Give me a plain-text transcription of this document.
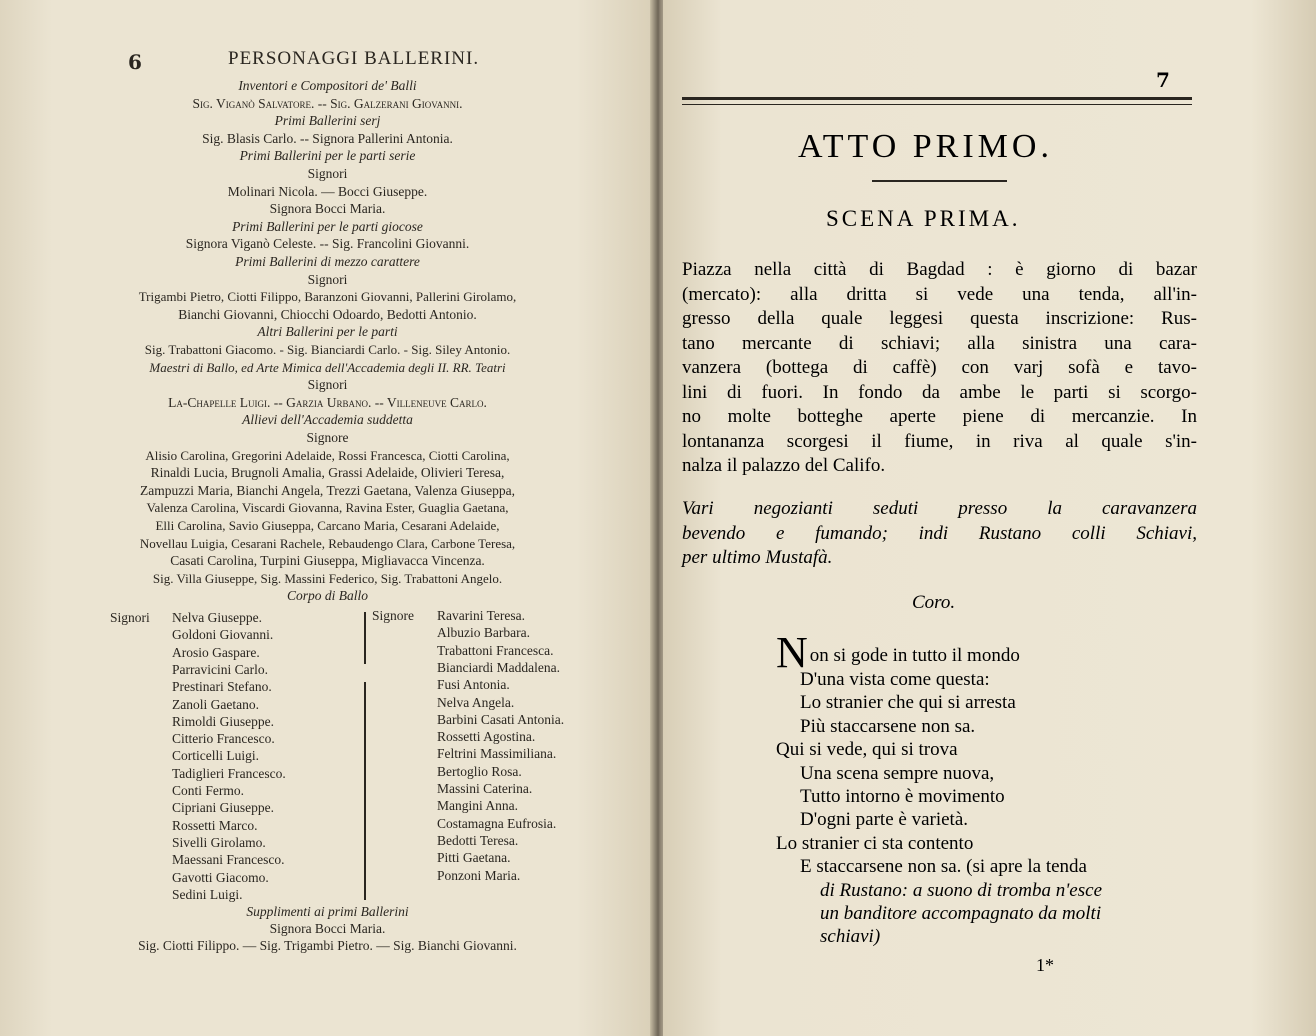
6	PERSONAGGI BALLERINI.
Inventori e Compositori de' Balli
Sig. Viganò Salvatore. -- Sig. Galzerani Giovanni.
Primi Ballerini serj
Sig. Blasis Carlo. -- Signora Pallerini Antonia.
Primi Ballerini per le parti serie
Signori
Molinari Nicola. — Bocci Giuseppe.
Signora Bocci Maria.
Primi Ballerini per le parti giocose
Signora Viganò Celeste. -- Sig. Francolini Giovanni.
Primi Ballerini di mezzo carattere
Signori
Trigambi Pietro, Ciotti Filippo, Baranzoni Giovanni, Pallerini Girolamo,
Bianchi Giovanni, Chiocchi Odoardo, Bedotti Antonio.
Altri Ballerini per le parti
Sig. Trabattoni Giacomo. - Sig. Bianciardi Carlo. - Sig. Siley Antonio.
Maestri di Ballo, ed Arte Mimica dell'Accademia degli II. RR. Teatri
Signori
La-Chapelle Luigi. -- Garzia Urbano. -- Villeneuve Carlo.
Allievi dell'Accademia suddetta
Signore
Alisio Carolina, Gregorini Adelaide, Rossi Francesca, Ciotti Carolina,
Rinaldi Lucia, Brugnoli Amalia, Grassi Adelaide, Olivieri Teresa,
Zampuzzi Maria, Bianchi Angela, Trezzi Gaetana, Valenza Giuseppa,
Valenza Carolina, Viscardi Giovanna, Ravina Ester, Guaglia Gaetana,
Elli Carolina, Savio Giuseppa, Carcano Maria, Cesarani Adelaide,
Novellau Luigia, Cesarani Rachele, Rebaudengo Clara, Carbone Teresa,
Casati Carolina, Turpini Giuseppa, Migliavacca Vincenza.
Sig. Villa Giuseppe, Sig. Massini Federico, Sig. Trabattoni Angelo.
Corpo di Ballo
Signori	Signore
Nelva Giuseppe.
Goldoni Giovanni.
Arosio Gaspare.
Parravicini Carlo.
Prestinari Stefano.
Zanoli Gaetano.
Rimoldi Giuseppe.
Citterio Francesco.
Corticelli Luigi.
Tadiglieri Francesco.
Conti Fermo.
Cipriani Giuseppe.
Rossetti Marco.
Sivelli Girolamo.
Maessani Francesco.
Gavotti Giacomo.
Sedini Luigi.
Ravarini Teresa.
Albuzio Barbara.
Trabattoni Francesca.
Bianciardi Maddalena.
Fusi Antonia.
Nelva Angela.
Barbini Casati Antonia.
Rossetti Agostina.
Feltrini Massimiliana.
Bertoglio Rosa.
Massini Caterina.
Mangini Anna.
Costamagna Eufrosia.
Bedotti Teresa.
Pitti Gaetana.
Ponzoni Maria.
Supplimenti ai primi Ballerini
Signora Bocci Maria.
Sig. Ciotti Filippo. — Sig. Trigambi Pietro. — Sig. Bianchi Giovanni.
7
ATTO PRIMO.
SCENA PRIMA.
Piazza nella città di Bagdad : è giorno di bazar
(mercato): alla dritta si vede una tenda, all'in-
gresso della quale leggesi questa inscrizione: Rus-
tano mercante di schiavi; alla sinistra una cara-
vanzera (bottega di caffè) con varj sofà e tavo-
lini di fuori. In fondo da ambe le parti si scorgo-
no molte botteghe aperte piene di mercanzie. In
lontananza scorgesi il fiume, in riva al quale s'in-
nalza il palazzo del Califo.
Vari negozianti seduti presso la caravanzera
bevendo e fumando; indi Rustano colli Schiavi,
per ultimo Mustafà.
Coro.
Non si gode in tutto il mondo
D'una vista come questa:
Lo stranier che qui si arresta
Più staccarsene non sa.
Qui si vede, qui si trova
Una scena sempre nuova,
Tutto intorno è movimento
D'ogni parte è varietà.
Lo stranier ci sta contento
E staccarsene non sa. (si apre la tenda
di Rustano: a suono di tromba n'esce
un banditore accompagnato da molti
schiavi)
1*
